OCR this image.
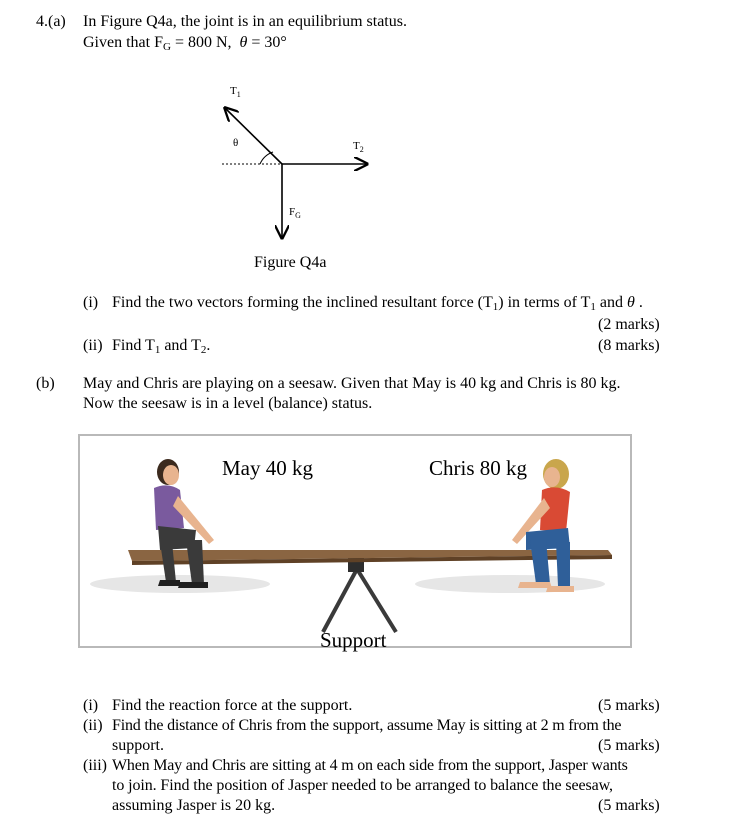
4.(a) In Figure Q4a, the joint is in an equilibrium status.
Given that $F_G = 800$ N, θ = 30°
$T_1$
$T_2$
θ
$F_G$
Figure Q4a
(i) Find the two vectors forming the inclined resultant force $(T_1)$ in terms of $T_1$ and θ .
(2 marks)
(ii) Find $T_1$ and $T_2$.	(8 marks)
(b) May and Chris are playing on a seesaw. Given that May is 40 kg and Chris is 80 kg.
Now the seesaw is in a level (balance) status.
May 40 kg	Chris 80 kg
Support
(i) Find the reaction force at the support.	(5 marks)
(ii) Find the distance of Chris from the support, assume May is sitting at 2 m from the
support.	(5 marks)
(iii) When May and Chris are sitting at 4 m on each side from the support, Jasper wants
to join. Find the position of Jasper needed to be arranged to balance the seesaw,
assuming Jasper is 20 kg.	(5 marks)
